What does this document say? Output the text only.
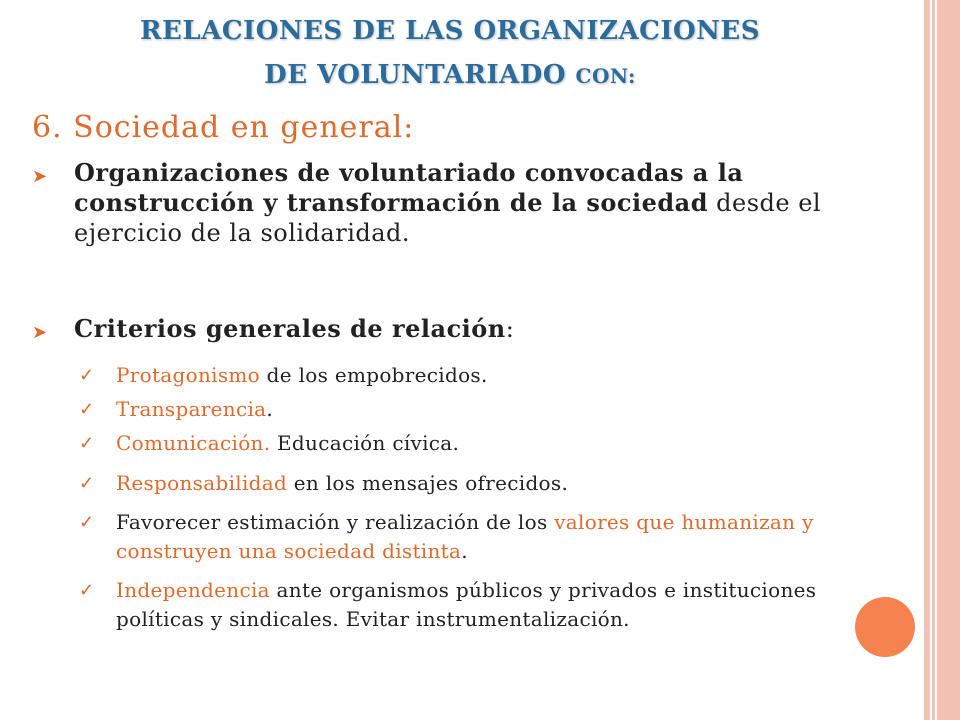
RELACIONES DE LAS ORGANIZACIONES
DE VOLUNTARIADO CON:
6. Sociedad en general:
➤ Organizaciones de voluntariado convocadas a la construcción y transformación de la sociedad desde el ejercicio de la solidaridad.
➤ Criterios generales de relación:
✓ Protagonismo de los empobrecidos.
✓ Transparencia.
✓ Comunicación. Educación cívica.
✓ Responsabilidad en los mensajes ofrecidos.
✓ Favorecer estimación y realización de los valores que humanizan y construyen una sociedad distinta.
✓ Independencia ante organismos públicos y privados e instituciones políticas y sindicales. Evitar instrumentalización.
